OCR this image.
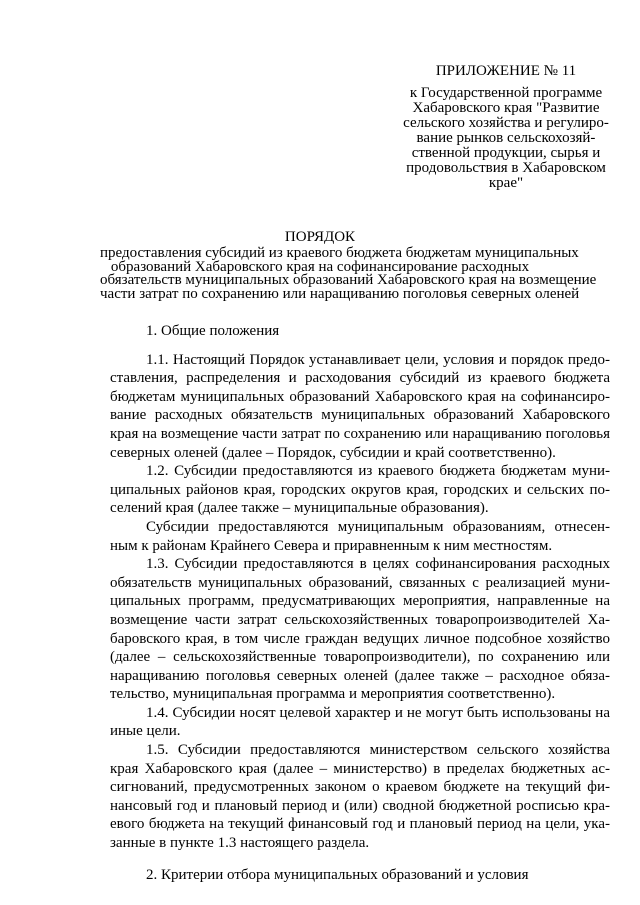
ПРИЛОЖЕНИЕ № 11
к Государственной программе
Хабаровского края "Развитие
сельского хозяйства и регулиро-
вание рынков сельскохозяй-
ственной продукции, сырья и
продовольствия в Хабаровском
крае"
ПОРЯДОК
предоставления субсидий из краевого бюджета бюджетам муниципальных
образований Хабаровского края на софинансирование расходных
обязательств муниципальных образований Хабаровского края на возмещение
части затрат по сохранению или наращиванию поголовья северных оленей
1. Общие положения
1.1. Настоящий Порядок устанавливает цели, условия и порядок предо-
ставления, распределения и расходования субсидий из краевого бюджета
бюджетам муниципальных образований Хабаровского края на софинансиро-
вание расходных обязательств муниципальных образований Хабаровского
края на возмещение части затрат по сохранению или наращиванию поголовья
северных оленей (далее – Порядок, субсидии и край соответственно).
1.2. Субсидии предоставляются из краевого бюджета бюджетам муни-
ципальных районов края, городских округов края, городских и сельских по-
селений края (далее также – муниципальные образования).
Субсидии предоставляются муниципальным образованиям, отнесен-
ным к районам Крайнего Севера и приравненным к ним местностям.
1.3. Субсидии предоставляются в целях софинансирования расходных
обязательств муниципальных образований, связанных с реализацией муни-
ципальных программ, предусматривающих мероприятия, направленные на
возмещение части затрат сельскохозяйственных товаропроизводителей Ха-
баровского края, в том числе граждан ведущих личное подсобное хозяйство
(далее – сельскохозяйственные товаропроизводители), по сохранению или
наращиванию поголовья северных оленей (далее также – расходное обяза-
тельство, муниципальная программа и мероприятия соответственно).
1.4. Субсидии носят целевой характер и не могут быть использованы на
иные цели.
1.5. Субсидии предоставляются министерством сельского хозяйства
края Хабаровского края (далее – министерство) в пределах бюджетных ас-
сигнований, предусмотренных законом о краевом бюджете на текущий фи-
нансовый год и плановый период и (или) сводной бюджетной росписью кра-
евого бюджета на текущий финансовый год и плановый период на цели, ука-
занные в пункте 1.3 настоящего раздела.
2. Критерии отбора муниципальных образований и условия
